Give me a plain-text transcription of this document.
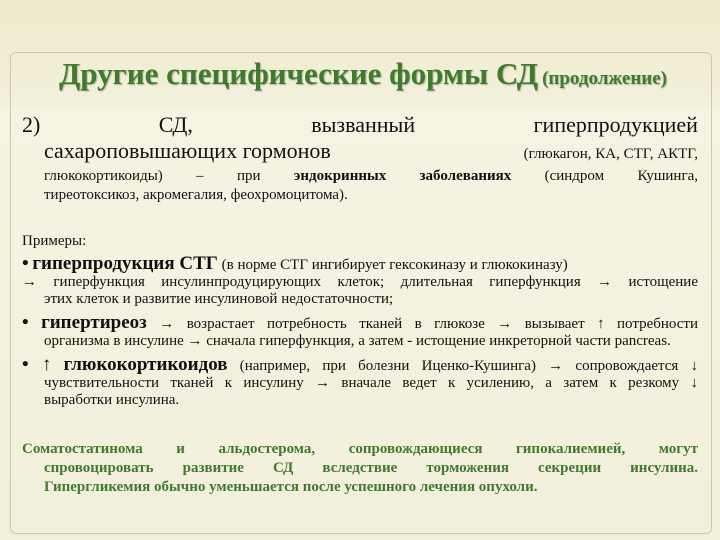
Другие специфические формы СД (продолжение)
2)	СД,	вызванный	гиперпродукцией
сахароповышающих гормонов	(глюкагон, КА, СТГ, АКТГ,
глюкокортикоиды) – при эндокринных заболеваниях (синдром Кушинга,
тиреотоксикоз, акромегалия, феохромоцитома).
Примеры:
• гиперпродукция СТГ (в норме СТГ ингибирует гексокиназу и глюкокиназу)
→ гиперфункция инсулинпродуцирующих клеток; длительная гиперфункция → истощение
этих клеток и развитие инсулиновой недостаточности;
• гипертиреоз → возрастает потребность тканей в глюкозе → вызывает ↑ потребности
организма в инсулине → сначала гиперфункция, а затем - истощение инкреторной части pancreas.
• ↑ глюкокортикоидов (например, при болезни Иценко-Кушинга) → сопровождается ↓
чувствительности тканей к инсулину → вначале ведет к усилению, а затем к резкому ↓
выработки инсулина.
Соматостатинома и альдостерома, сопровождающиеся гипокалиемией, могут
спровоцировать развитие СД вследствие торможения секреции инсулина.
Гипергликемия обычно уменьшается после успешного лечения опухоли.
